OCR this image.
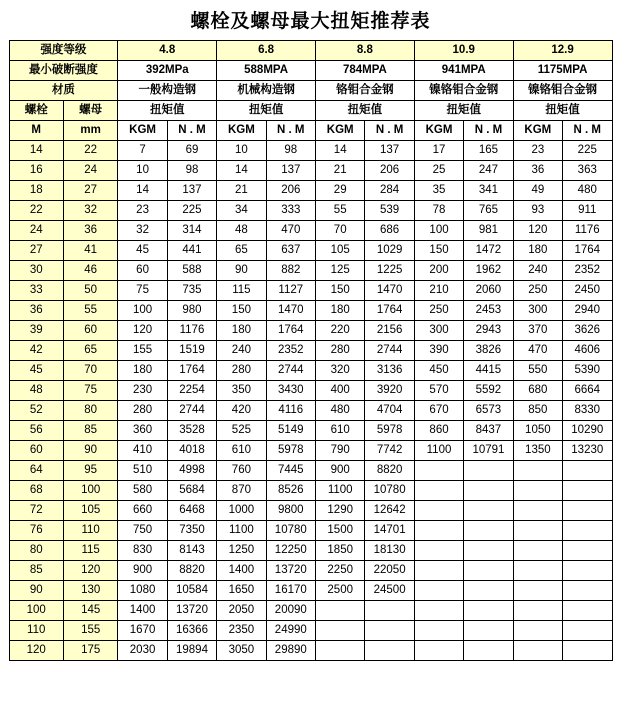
螺栓及螺母最大扭矩推荐表
强度等级		4.8		6.8		8.8		10.9		12.9	
最小破断强度		392MPa		588MPA		784MPA		941MPA		1175MPA	
材质		一般构造钢		机械构造钢		铬钼合金钢		镍铬钼合金钢		镍铬钼合金钢	
螺栓	螺母	扭矩值		扭矩值		扭矩值		扭矩值		扭矩值	
M	mm	KGM	N . M	KGM	N . M	KGM	N . M	KGM	N . M	KGM	N . M
14	22	7	69	10	98	14	137	17	165	23	225
16	24	10	98	14	137	21	206	25	247	36	363
18	27	14	137	21	206	29	284	35	341	49	480
22	32	23	225	34	333	55	539	78	765	93	911
24	36	32	314	48	470	70	686	100	981	120	1176
27	41	45	441	65	637	105	1029	150	1472	180	1764
30	46	60	588	90	882	125	1225	200	1962	240	2352
33	50	75	735	115	1127	150	1470	210	2060	250	2450
36	55	100	980	150	1470	180	1764	250	2453	300	2940
39	60	120	1176	180	1764	220	2156	300	2943	370	3626
42	65	155	1519	240	2352	280	2744	390	3826	470	4606
45	70	180	1764	280	2744	320	3136	450	4415	550	5390
48	75	230	2254	350	3430	400	3920	570	5592	680	6664
52	80	280	2744	420	4116	480	4704	670	6573	850	8330
56	85	360	3528	525	5149	610	5978	860	8437	1050	10290
60	90	410	4018	610	5978	790	7742	1100	10791	1350	13230
64	95	510	4998	760	7445	900	8820				
68	100	580	5684	870	8526	1100	10780				
72	105	660	6468	1000	9800	1290	12642				
76	110	750	7350	1100	10780	1500	14701				
80	115	830	8143	1250	12250	1850	18130				
85	120	900	8820	1400	13720	2250	22050				
90	130	1080	10584	1650	16170	2500	24500				
100	145	1400	13720	2050	20090						
110	155	1670	16366	2350	24990						
120	175	2030	19894	3050	29890						
